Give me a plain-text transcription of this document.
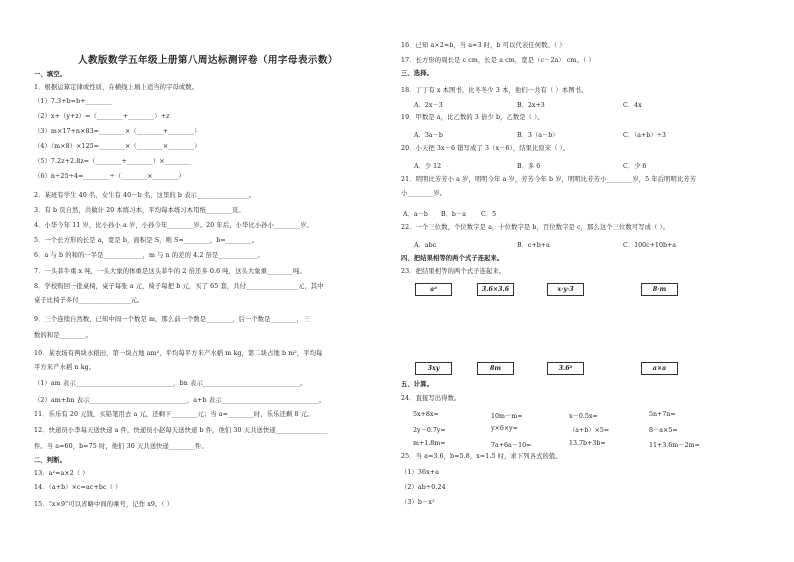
人教版数学五年级上册第八周达标测评卷（用字母表示数）
一、填空。
1．根据运算定律或性质，在横线上填上适当的字母或数。
（1）7.3+b=b+________
（2）x+（y+z）=（________+________）+z
（3）m×17+n×83=________×（________+________）
（4）（m×8）×125=________×（________×________）
（5）7.2z+2.8z=（________+________）×________
（6）n÷25÷4=________÷（________×________）
2．某班有学生 40 名，女生有 40－b 名，这里的 b 表示________________。
3．有 b 页自然，共做计 20 本练习本，平均每本练习本用纸________页。
4．小华今年 11 岁，比小孙小 a 岁，小孙今年________岁。20 年后，小华比小孙小________岁。
5．一个长方形的长是 a，宽是 b，面积是 S，则 S=________，b=________。
6．a 与 b 的和的一半是____________，m 与 n 的差的 4.2 倍是____________。
7．一头菲牛重 x 吨，一头大象的体重是这头菲牛的 2 倍还多 0.6 吨，这头大象重________吨。
8．学校购回一批桌椅，桌子每张 a 元，椅子每把 b 元，买了 65 套，共付________________元，其中
桌子比椅子多付________________元。
9．三个连续自然数，已知中间一个数是 m，那么前一个数是________，后一个数是________，三
数的和是________。
10．某农场有两块水稻田，第一块占地 am²，平均每平方米产水稻 m kg，第二块占地 b m²，平均每
平方米产水稻 n kg。
（1）am 表示______________________________，bn 表示______________________________。
（2）am+bn 表示______________________________，a+b 表示______________________________。
11．乐乐有 20 元钱，买铅笔用去 a 元，还剩下________元；当 a=________时，乐乐还剩 8 元。
12．快递员小李每天送快递 a 件，快递员小赵每天送快递 b 件，他们 30 天共送快递________________
件。当 a=60，b=75 时，他们 30 天共送快递________件。
二、判断。
13．a²=a×2（ ）
14．（a+b）×c=ac+bc（ ）
15．“x×9”可以省略中间的乘号，记作 x9。（ ）
16．已知 a×2=b，当 a=3 时，b 可以代表任何数。（ ）
17．长方形的周长是 c cm，长是 a cm，宽是（c－2a） cm。（ ）
三、选择。
18．丁丁有 x 本图书，比冬冬少 3 本，他们一共有（ ）本图书。
19．甲数是 a，比乙数的 3 倍少 b，乙数是（ ）。
20．小天把 3x－6 错写成了 3（x－6），结果比原来（ ）。
21．明明比芳芳小 a 岁，明明今年 a 岁，芳芳今年 b 岁，明明比芳芳小________岁，5 年后明明比芳芳
小________岁。
22．一个三位数，个位数字是 a，十位数字是 b，百位数字是 c，那么这个三位数可写成（ ）。
四、把结果相等的两个式子连起来。
23．把结果相等的两个式子连起来。
五、计算。
24．直接写出得数。
25．当 a=3.6，b=5.8，x=1.5 时，求下列各式的值。
（1）36x+a
（2）ab÷0.24
（3）b－x²
A．2x－3	B．2x+3	C．4x
A．3a－b	B．3（a－b）	C．（a+b）÷3
A．少 12	B．多 6	C．少 6
A．a－b B．b－a C．5
A．abc	B．c+b+a	C．100c+10b+a
a²	3.6×3.6	x·y·3	8·m
3xy	8m	3.6²	a×a
5x+8x=	10m－m=	x－0.5x=	5n+7n=
2y－0.7y=	y×6×y=	（a+b）×5=	8－a×5=
m+1.8m=	7a+6a－10=	13.7b+3b=	11+3.6m－2m=
